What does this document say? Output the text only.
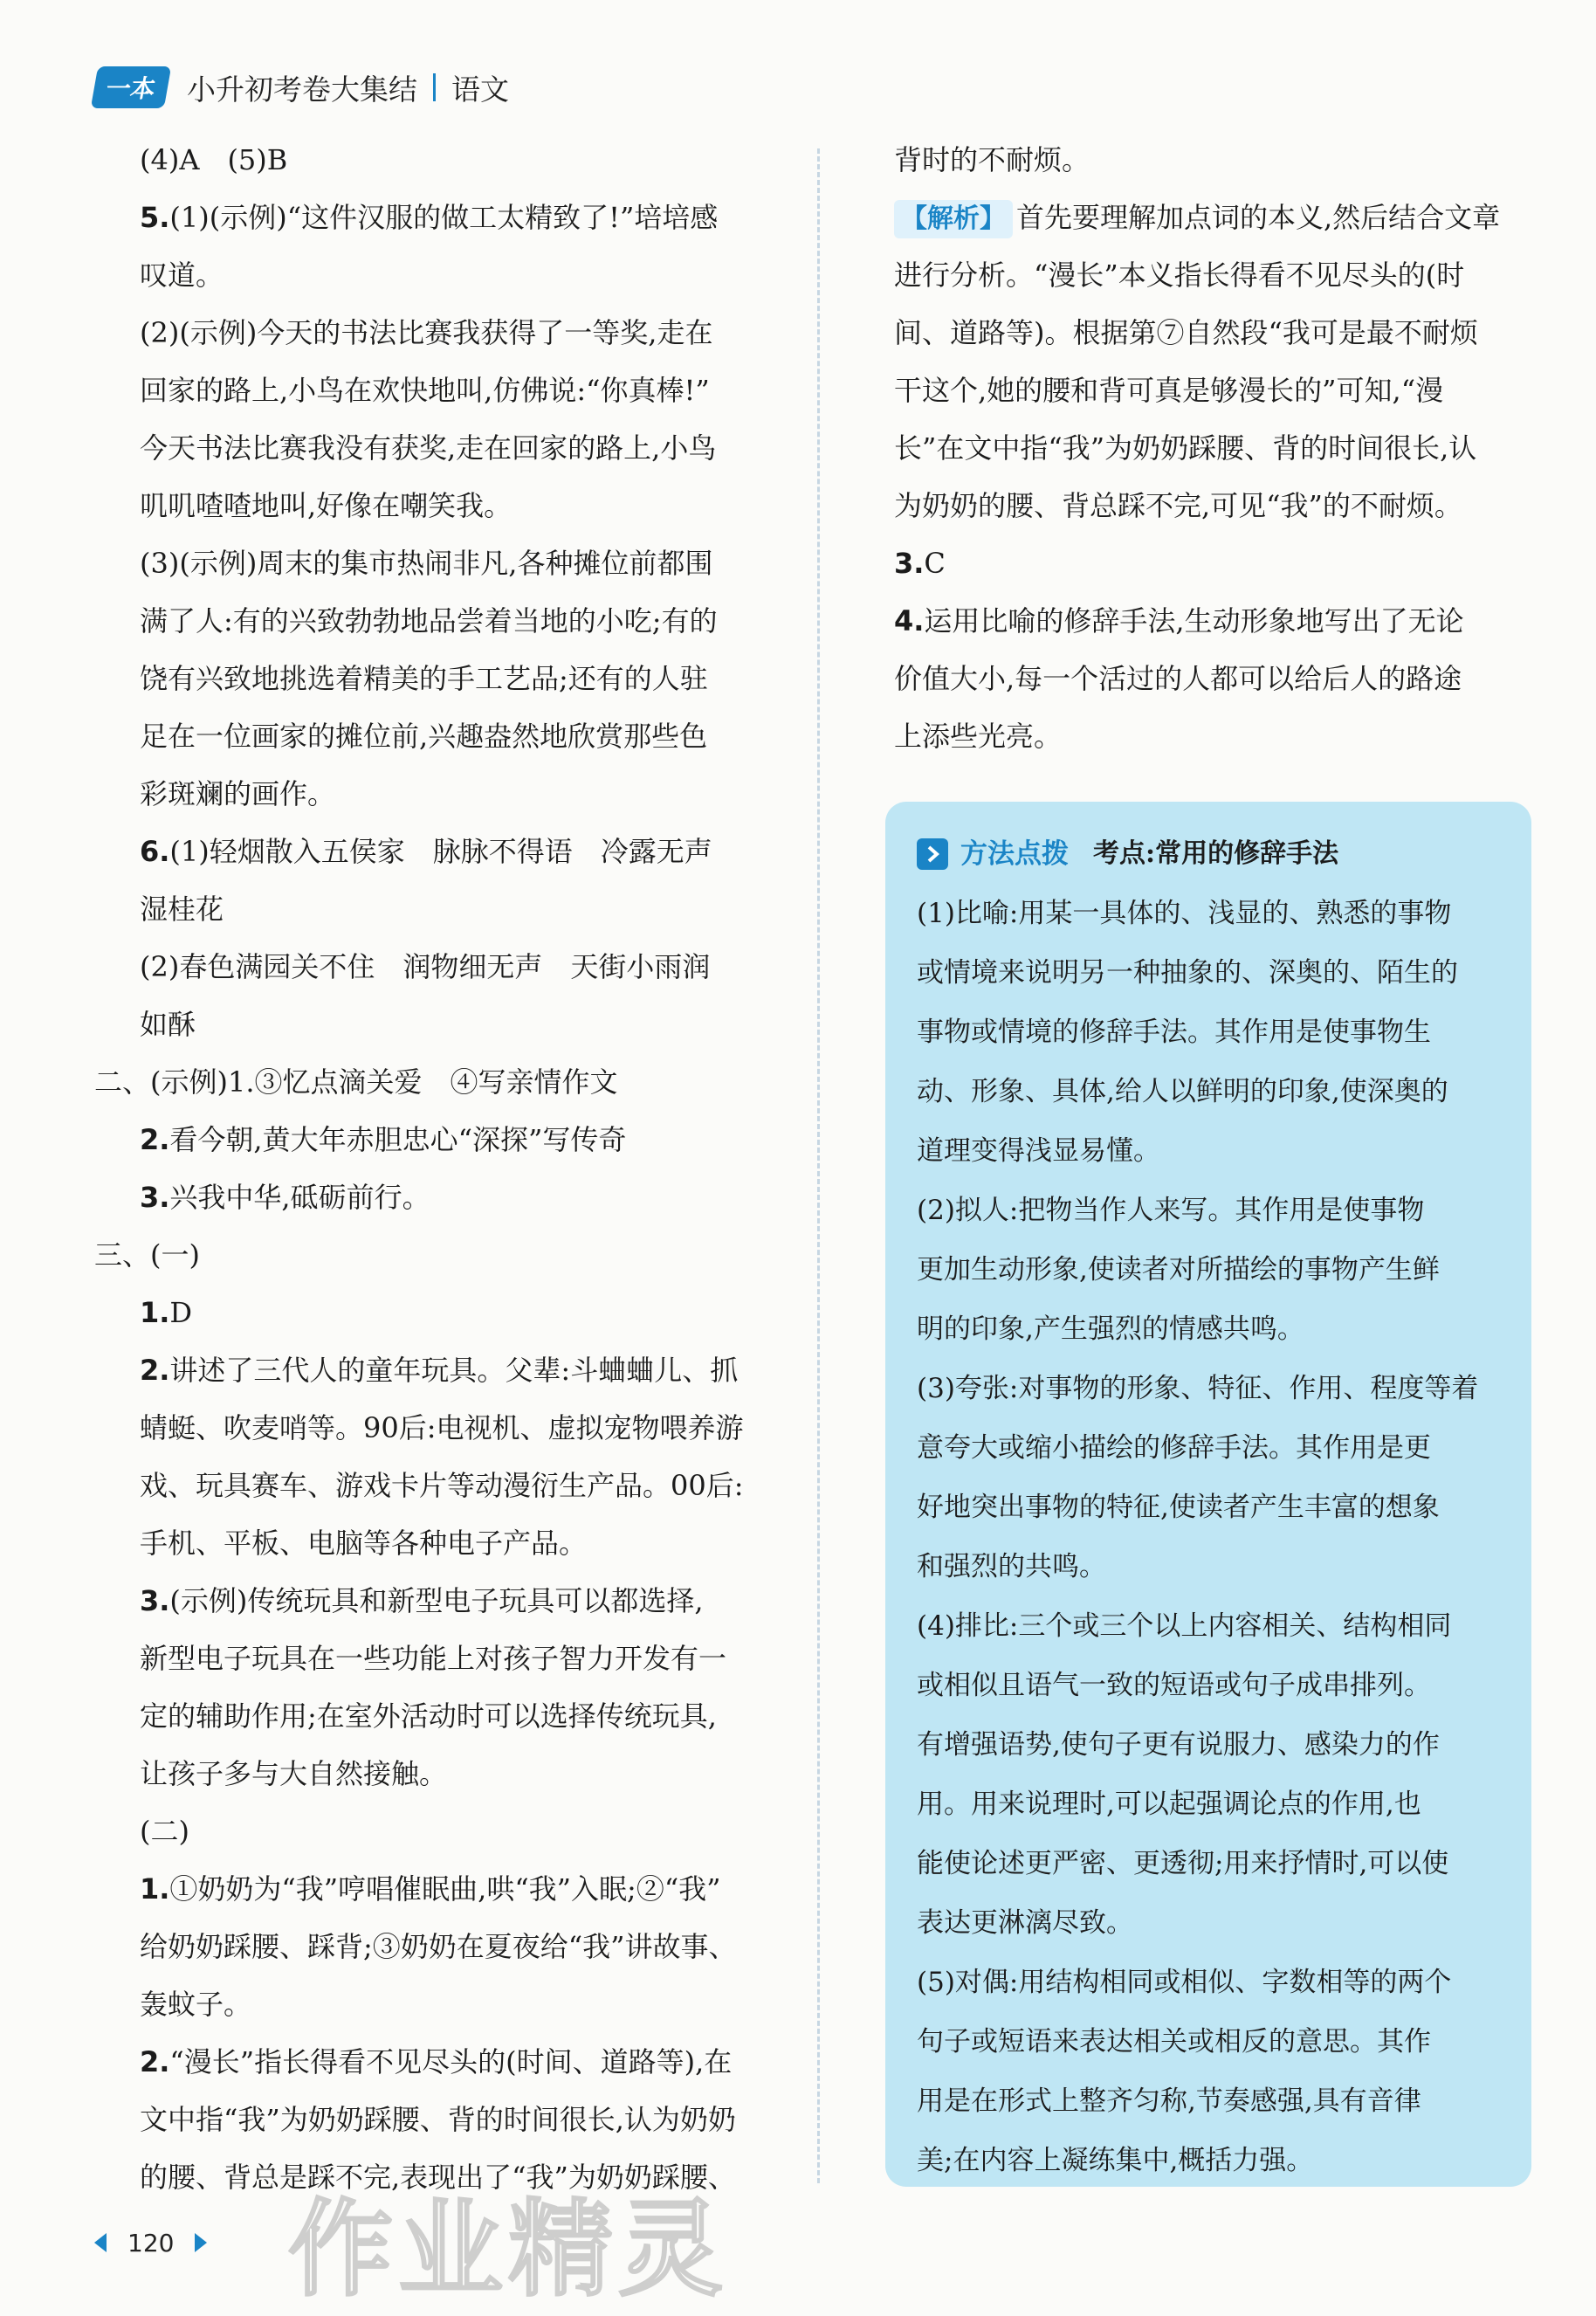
一本	小升初考卷大集结 语文

(4)A　(5)B

5.(1)(示例)“这件汉服的做工太精致了!”培培感

叹道。

(2)(示例)今天的书法比赛我获得了一等奖,走在

回家的路上,小鸟在欢快地叫,仿佛说:“你真棒!”

今天书法比赛我没有获奖,走在回家的路上,小鸟

叽叽喳喳地叫,好像在嘲笑我。

(3)(示例)周末的集市热闹非凡,各种摊位前都围

满了人:有的兴致勃勃地品尝着当地的小吃;有的

饶有兴致地挑选着精美的手工艺品;还有的人驻

足在一位画家的摊位前,兴趣盎然地欣赏那些色

彩斑斓的画作。

6.(1)轻烟散入五侯家　脉脉不得语　冷露无声

湿桂花

(2)春色满园关不住　润物细无声　天街小雨润

如酥

二、(示例)1.③忆点滴关爱　④写亲情作文

2.看今朝,黄大年赤胆忠心“深探”写传奇

3.兴我中华,砥砺前行。

三、(一)

1.D

2.讲述了三代人的童年玩具。父辈:斗蛐蛐儿、抓

蜻蜓、吹麦哨等。90后:电视机、虚拟宠物喂养游

戏、玩具赛车、游戏卡片等动漫衍生产品。00后:

手机、平板、电脑等各种电子产品。

3.(示例)传统玩具和新型电子玩具可以都选择,

新型电子玩具在一些功能上对孩子智力开发有一

定的辅助作用;在室外活动时可以选择传统玩具,

让孩子多与大自然接触。

(二)

1.①奶奶为“我”哼唱催眠曲,哄“我”入眠;②“我”

给奶奶踩腰、踩背;③奶奶在夏夜给“我”讲故事、

轰蚊子。

2.“漫长”指长得看不见尽头的(时间、道路等),在

文中指“我”为奶奶踩腰、背的时间很长,认为奶奶

的腰、背总是踩不完,表现出了“我”为奶奶踩腰、

背时的不耐烦。

【解析】 首先要理解加点词的本义,然后结合文章

进行分析。“漫长”本义指长得看不见尽头的(时

间、道路等)。根据第⑦自然段“我可是最不耐烦

干这个,她的腰和背可真是够漫长的”可知,“漫

长”在文中指“我”为奶奶踩腰、背的时间很长,认

为奶奶的腰、背总踩不完,可见“我”的不耐烦。

3.C

4.运用比喻的修辞手法,生动形象地写出了无论

价值大小,每一个活过的人都可以给后人的路途

上添些光亮。

方法点拨 考点:常用的修辞手法

(1)比喻:用某一具体的、浅显的、熟悉的事物

或情境来说明另一种抽象的、深奥的、陌生的

事物或情境的修辞手法。其作用是使事物生

动、形象、具体,给人以鲜明的印象,使深奥的

道理变得浅显易懂。

(2)拟人:把物当作人来写。其作用是使事物

更加生动形象,使读者对所描绘的事物产生鲜

明的印象,产生强烈的情感共鸣。

(3)夸张:对事物的形象、特征、作用、程度等着

意夸大或缩小描绘的修辞手法。其作用是更

好地突出事物的特征,使读者产生丰富的想象

和强烈的共鸣。

(4)排比:三个或三个以上内容相关、结构相同

或相似且语气一致的短语或句子成串排列。

有增强语势,使句子更有说服力、感染力的作

用。用来说理时,可以起强调论点的作用,也

能使论述更严密、更透彻;用来抒情时,可以使

表达更淋漓尽致。

(5)对偶:用结构相同或相似、字数相等的两个

句子或短语来表达相关或相反的意思。其作

用是在形式上整齐匀称,节奏感强,具有音律

美;在内容上凝练集中,概括力强。

作业精灵
120
